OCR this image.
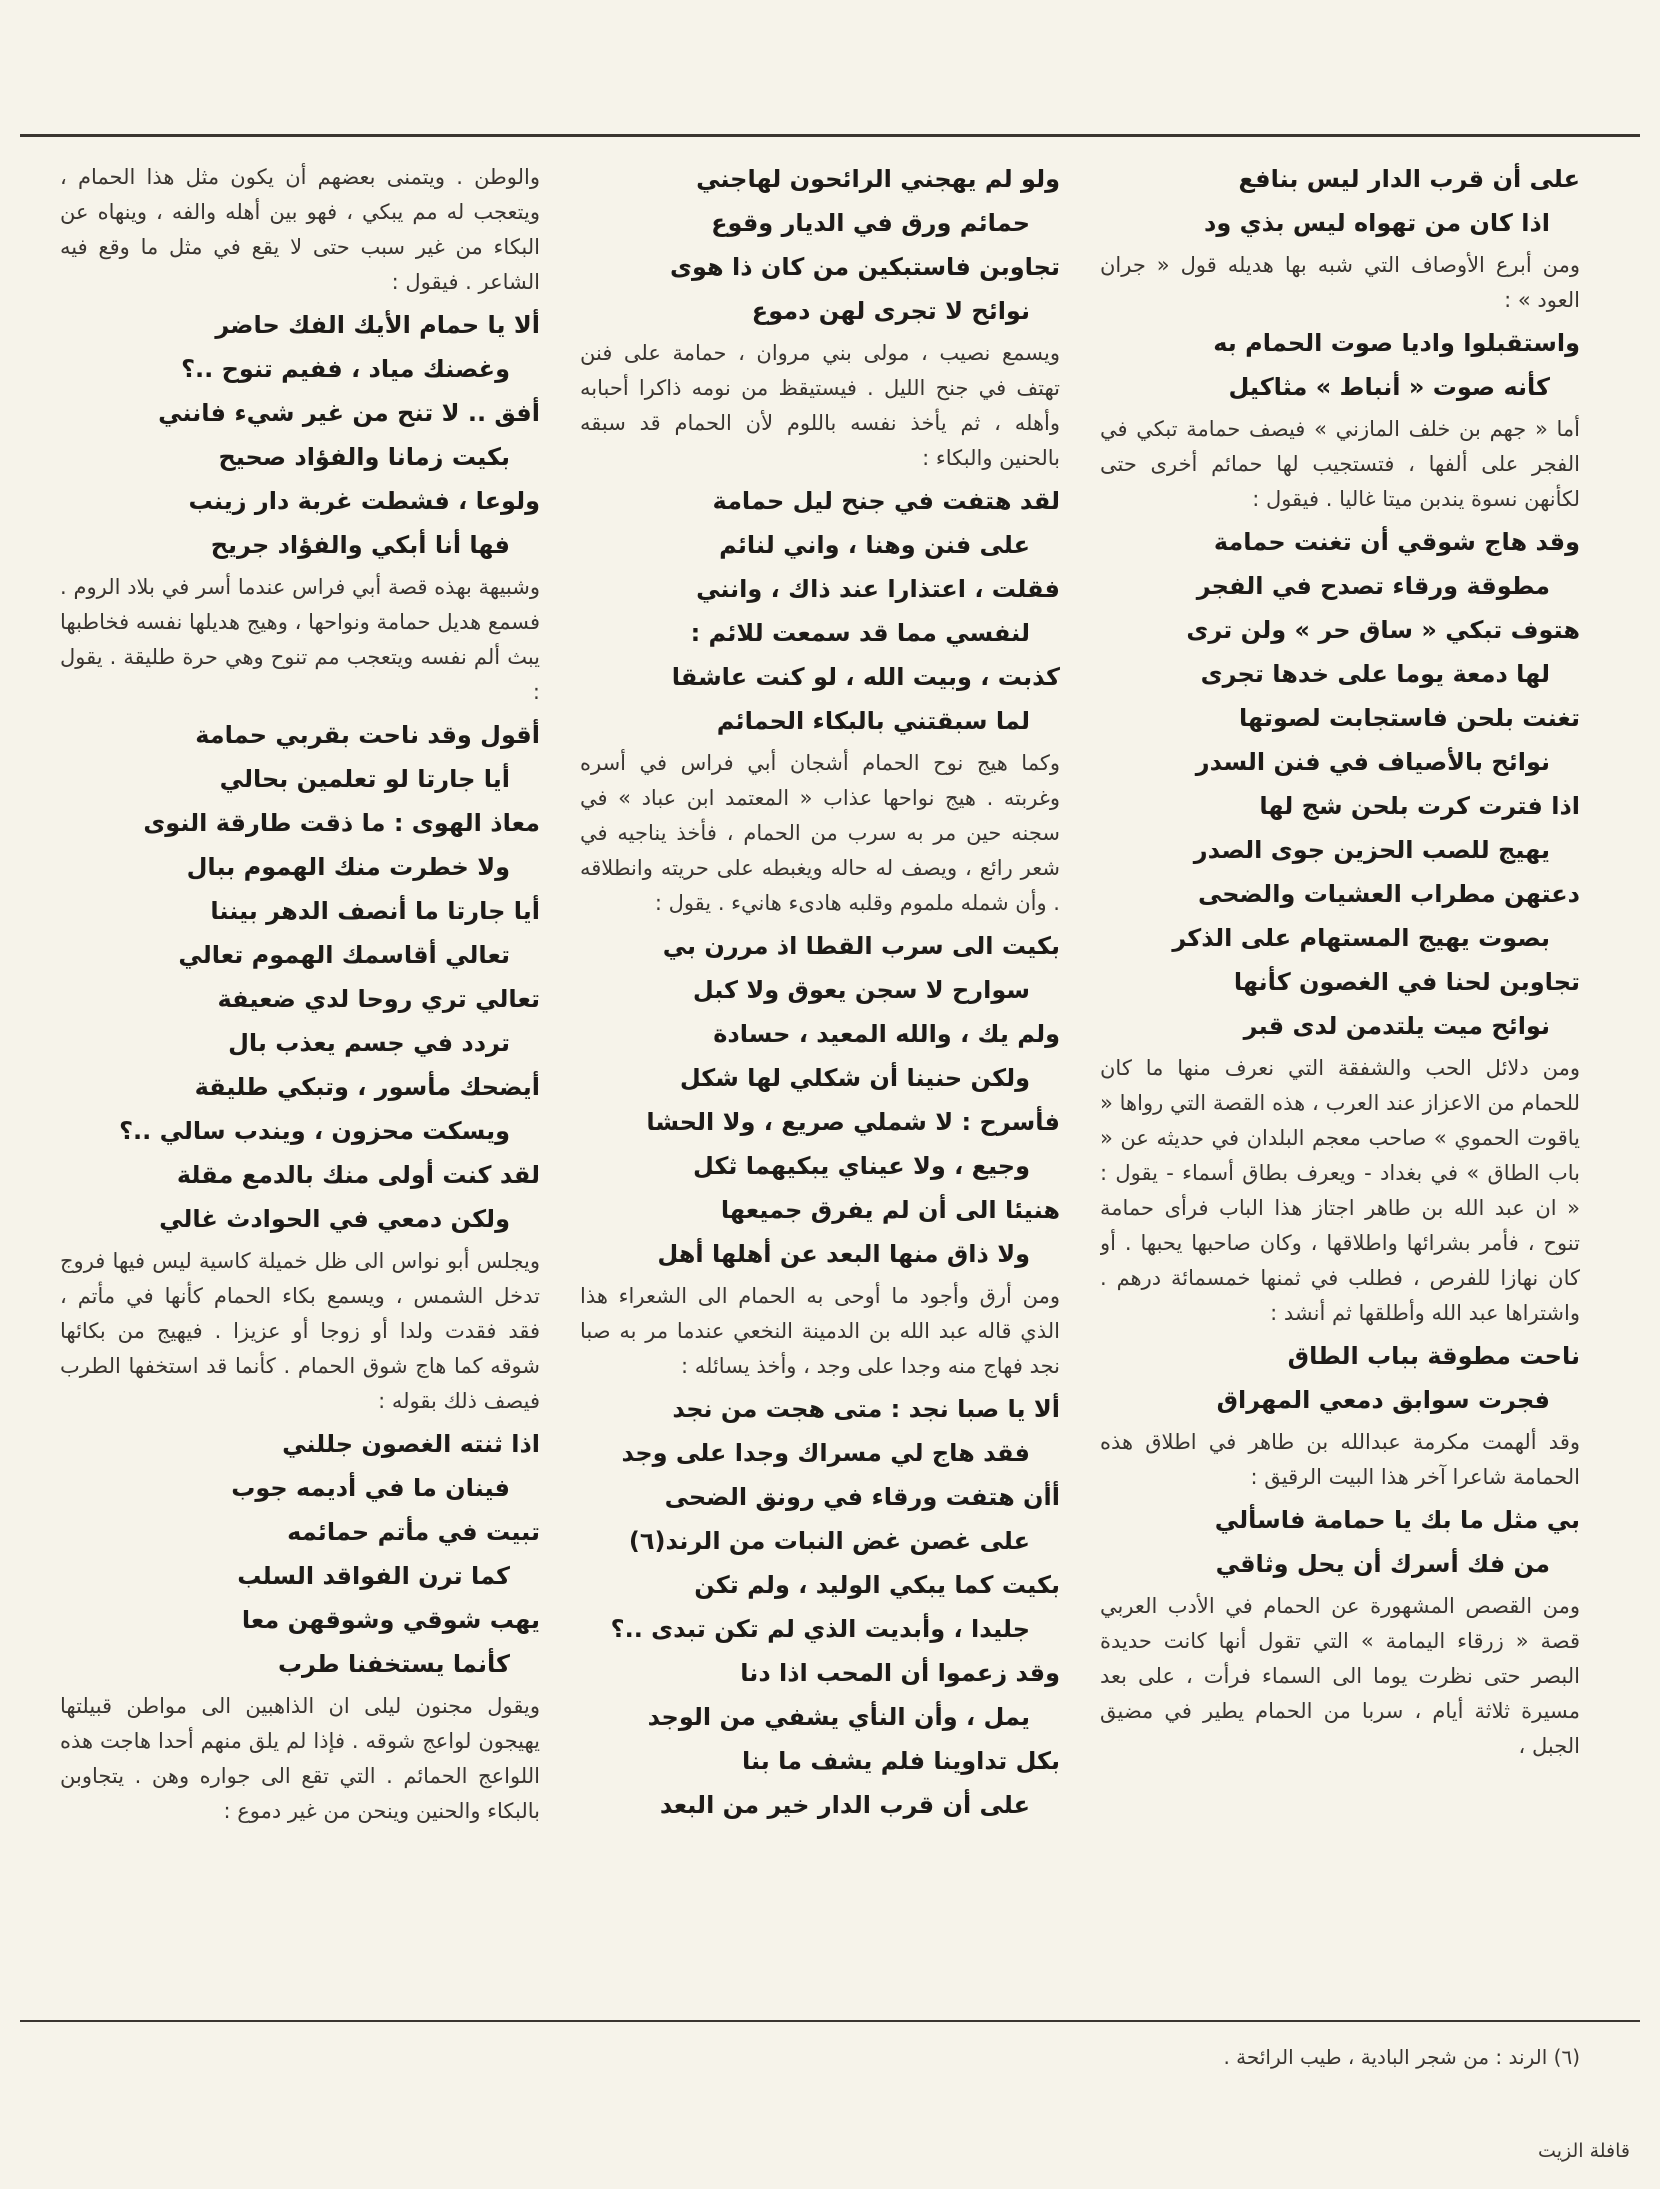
والوطن . ويتمنى بعضهم أن يكون مثل هذا الحمام ، ويتعجب له مم يبكي ، فهو بين أهله والفه ، وينهاه عن البكاء من غير سبب حتى لا يقع في مثل ما وقع فيه الشاعر . فيقول :

ألا يا حمام الأيك الفك حاضر
وغصنك مياد ، ففيم تنوح ..؟
أفق .. لا تنح من غير شيء فانني
بكيت زمانا والفؤاد صحيح
ولوعا ، فشطت غربة دار زينب
فها أنا أبكي والفؤاد جريح

وشبيهة بهذه قصة أبي فراس عندما أسر في بلاد الروم . فسمع هديل حمامة ونواحها ، وهيج هديلها نفسه فخاطبها يبث ألم نفسه ويتعجب مم تنوح وهي حرة طليقة . يقول :

أقول وقد ناحت بقربي حمامة
أيا جارتا لو تعلمين بحالي
معاذ الهوى : ما ذقت طارقة النوى
ولا خطرت منك الهموم ببال
أيا جارتا ما أنصف الدهر بيننا
تعالي أقاسمك الهموم تعالي
تعالي تري روحا لدي ضعيفة
تردد في جسم يعذب بال
أيضحك مأسور ، وتبكي طليقة
ويسكت محزون ، ويندب سالي ..؟
لقد كنت أولى منك بالدمع مقلة
ولكن دمعي في الحوادث غالي

ويجلس أبو نواس الى ظل خميلة كاسية ليس فيها فروج تدخل الشمس ، ويسمع بكاء الحمام كأنها في مأتم ، فقد فقدت ولدا أو زوجا أو عزيزا . فيهيج من بكائها شوقه كما هاج شوق الحمام . كأنما قد استخفها الطرب فيصف ذلك بقوله :

اذا ثنته الغصون جللني
فينان ما في أديمه جوب
تبيت في مأتم حمائمه
كما ترن الفواقد السلب
يهب شوقي وشوقهن معا
كأنما يستخفنا طرب

ويقول مجنون ليلى ان الذاهبين الى مواطن قبيلتها يهيجون لواعج شوقه . فإذا لم يلق منهم أحدا هاجت هذه اللواعج الحمائم . التي تقع الى جواره وهن . يتجاوبن بالبكاء والحنين وينحن من غير دموع :

ولو لم يهجني الرائحون لهاجني
حمائم ورق في الديار وقوع
تجاوبن فاستبكين من كان ذا هوى
نوائح لا تجرى لهن دموع

ويسمع نصيب ، مولى بني مروان ، حمامة على فنن تهتف في جنح الليل . فيستيقظ من نومه ذاكرا أحبابه وأهله ، ثم يأخذ نفسه باللوم لأن الحمام قد سبقه بالحنين والبكاء :

لقد هتفت في جنح ليل حمامة
على فنن وهنا ، واني لنائم
فقلت ، اعتذارا عند ذاك ، وانني
لنفسي مما قد سمعت للائم :
كذبت ، وبيت الله ، لو كنت عاشقا
لما سبقتني بالبكاء الحمائم

وكما هيج نوح الحمام أشجان أبي فراس في أسره وغربته . هيج نواحها عذاب « المعتمد ابن عباد » في سجنه حين مر به سرب من الحمام ، فأخذ يناجيه في شعر رائع ، ويصف له حاله ويغبطه على حريته وانطلاقه . وأن شمله ملموم وقلبه هادىء هانيء . يقول :

بكيت الى سرب القطا اذ مررن بي
سوارح لا سجن يعوق ولا كبل
ولم يك ، والله المعيد ، حسادة
ولكن حنينا أن شكلي لها شكل
فأسرح : لا شملي صريع ، ولا الحشا
وجيع ، ولا عيناي يبكيهما ثكل
هنيئا الى أن لم يفرق جميعها
ولا ذاق منها البعد عن أهلها أهل

ومن أرق وأجود ما أوحى به الحمام الى الشعراء هذا الذي قاله عبد الله بن الدمينة النخعي عندما مر به صبا نجد فهاج منه وجدا على وجد ، وأخذ يسائله :

ألا يا صبا نجد : متى هجت من نجد
فقد هاج لي مسراك وجدا على وجد
أأن هتفت ورقاء في رونق الضحى
على غصن غض النبات من الرند(٦)
بكيت كما يبكي الوليد ، ولم تكن
جليدا ، وأبديت الذي لم تكن تبدى ..؟
وقد زعموا أن المحب اذا دنا
يمل ، وأن النأي يشفي من الوجد
بكل تداوينا فلم يشف ما بنا
على أن قرب الدار خير من البعد
على أن قرب الدار ليس بنافع
اذا كان من تهواه ليس بذي ود

ومن أبرع الأوصاف التي شبه بها هديله قول « جران العود » :

واستقبلوا واديا صوت الحمام به
كأنه صوت « أنباط » مثاكيل

أما « جهم بن خلف المازني » فيصف حمامة تبكي في الفجر على ألفها ، فتستجيب لها حمائم أخرى حتى لكأنهن نسوة يندبن ميتا غاليا . فيقول :

وقد هاج شوقي أن تغنت حمامة
مطوقة ورقاء تصدح في الفجر
هتوف تبكي « ساق حر » ولن ترى
لها دمعة يوما على خدها تجرى
تغنت بلحن فاستجابت لصوتها
نوائح بالأصياف في فنن السدر
اذا فترت كرت بلحن شج لها
يهيج للصب الحزين جوى الصدر
دعتهن مطراب العشيات والضحى
بصوت يهيج المستهام على الذكر
تجاوبن لحنا في الغصون كأنها
نوائح ميت يلتدمن لدى قبر

ومن دلائل الحب والشفقة التي نعرف منها ما كان للحمام من الاعزاز عند العرب ، هذه القصة التي رواها « ياقوت الحموي » صاحب معجم البلدان في حديثه عن « باب الطاق » في بغداد - ويعرف بطاق أسماء - يقول : « ان عبد الله بن طاهر اجتاز هذا الباب فرأى حمامة تنوح ، فأمر بشرائها واطلاقها ، وكان صاحبها يحبها . أو كان نهازا للفرص ، فطلب في ثمنها خمسمائة درهم . واشتراها عبد الله وأطلقها ثم أنشد :

ناحت مطوقة بباب الطاق
فجرت سوابق دمعي المهراق

وقد ألهمت مكرمة عبدالله بن طاهر في اطلاق هذه الحمامة شاعرا آخر هذا البيت الرقيق :

بي مثل ما بك يا حمامة فاسألي
من فك أسرك أن يحل وثاقي

ومن القصص المشهورة عن الحمام في الأدب العربي قصة « زرقاء اليمامة » التي تقول أنها كانت حديدة البصر حتى نظرت يوما الى السماء فرأت ، على بعد مسيرة ثلاثة أيام ، سربا من الحمام يطير في مضيق الجبل ،

(٦) الرند : من شجر البادية ، طيب الرائحة .
قافلة الزيت
